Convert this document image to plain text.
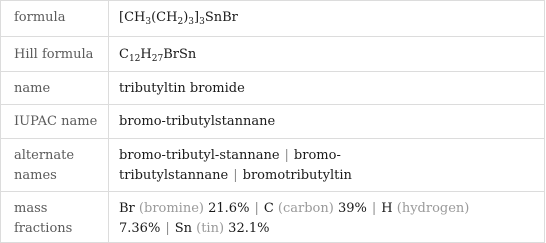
formula	$[CH_3(CH_2)_3]_3SnBr$
Hill formula	$C_{12}H_{27}BrSn$
name	tributyltin bromide
IUPAC name	bromo-tributylstannane
alternate names	bromo-tributyl-stannane | bromo-tributylstannane | bromotributyltin
mass fractions	Br (bromine) 21.6% | C (carbon) 39% | H (hydrogen) 7.36% | Sn (tin) 32.1%
